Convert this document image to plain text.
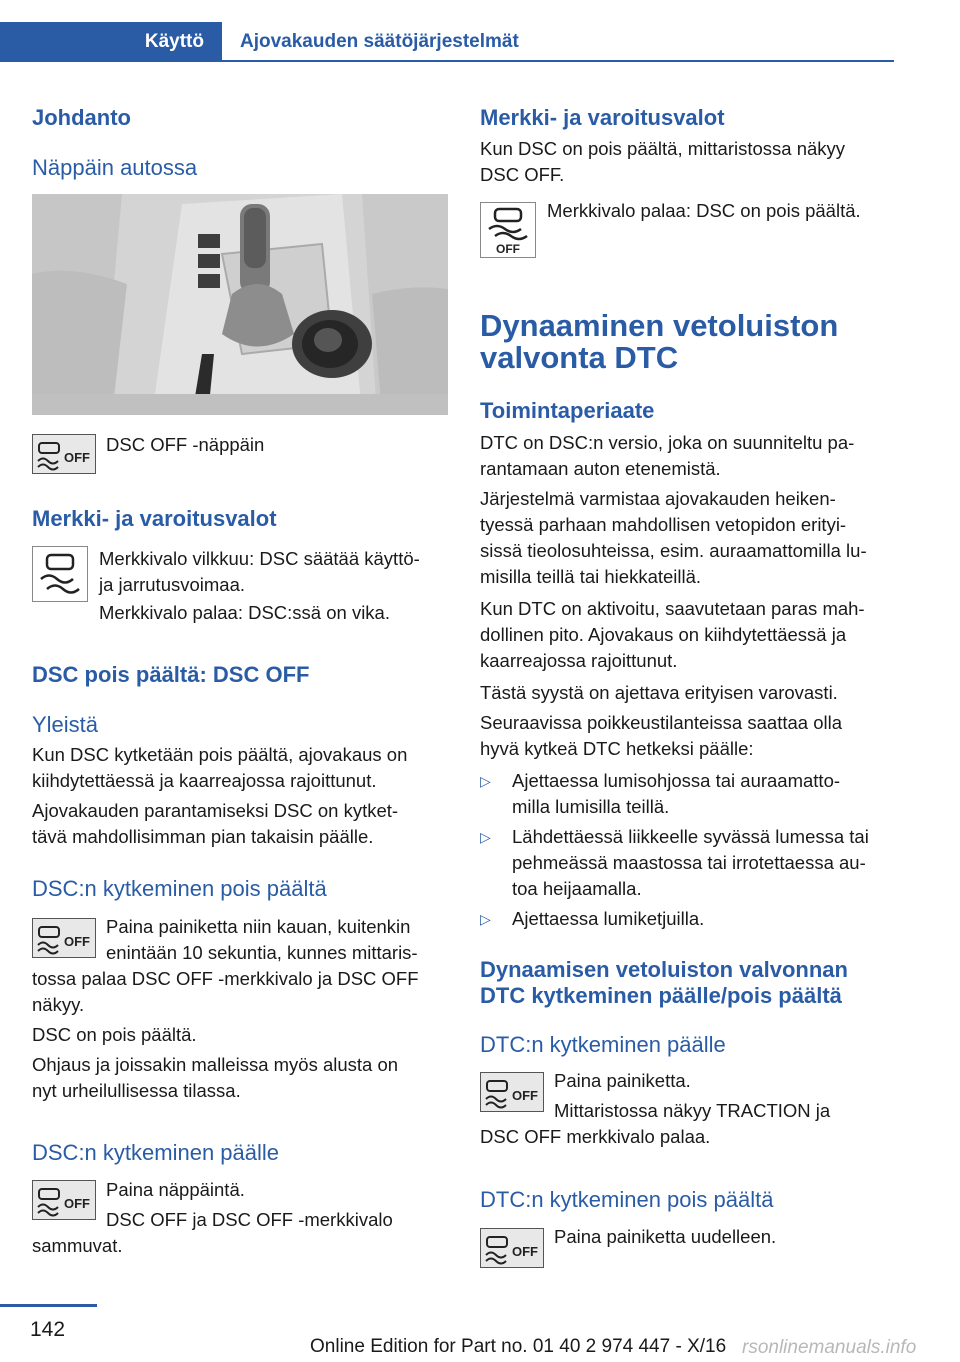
Käyttö	Ajovakauden säätöjärjestelmät
Johdanto
Näppäin autossa
OFF

DSC OFF -näppäin

Merkki- ja varoitusvalot

Merkkivalo vilkkuu: DSC säätää käyttö-

ja jarrutusvoimaa.

Merkkivalo palaa: DSC:ssä on vika.

DSC pois päältä: DSC OFF
Yleistä

Kun DSC kytketään pois päältä, ajovakaus on

kiihdytettäessä ja kaarreajossa rajoittunut.

Ajovakauden parantamiseksi DSC on kytket-

tävä mahdollisimman pian takaisin päälle.

DSC:n kytkeminen pois päältä
OFF

Paina painiketta niin kauan, kuitenkin

enintään 10 sekuntia, kunnes mittaris-

tossa palaa DSC OFF -merkkivalo ja DSC OFF

näkyy.

DSC on pois päältä.

Ohjaus ja joissakin malleissa myös alusta on

nyt urheilullisessa tilassa.

DSC:n kytkeminen päälle
OFF

Paina näppäintä.

DSC OFF ja DSC OFF -merkkivalo

sammuvat.

Merkki- ja varoitusvalot

Kun DSC on pois päältä, mittaristossa näkyy

DSC OFF.

OFF

Merkkivalo palaa: DSC on pois päältä.

Dynaaminen vetoluiston
valvonta DTC
Toimintaperiaate

DTC on DSC:n versio, joka on suunniteltu pa-

rantamaan auton etenemistä.

Järjestelmä varmistaa ajovakauden heiken-

tyessä parhaan mahdollisen vetopidon erityi-

sissä tieolosuhteissa, esim. auraamattomilla lu-

misilla teillä tai hiekkateillä.

Kun DTC on aktivoitu, saavutetaan paras mah-

dollinen pito. Ajovakaus on kiihdytettäessä ja

kaarreajossa rajoittunut.

Tästä syystä on ajettava erityisen varovasti.

Seuraavissa poikkeustilanteissa saattaa olla

hyvä kytkeä DTC hetkeksi päälle:

▷ Ajettaessa lumisohjossa tai auraamatto-
milla lumisilla teillä.
▷ Lähdettäessä liikkeelle syvässä lumessa tai
pehmeässä maastossa tai irrotettaessa au-
toa heijaamalla.
▷ Ajettaessa lumiketjuilla.
Dynaamisen vetoluiston valvonnan
DTC kytkeminen päälle/pois päältä
DTC:n kytkeminen päälle
OFF

Paina painiketta.

Mittaristossa näkyy TRACTION ja

DSC OFF merkkivalo palaa.

DTC:n kytkeminen pois päältä
OFF

Paina painiketta uudelleen.

142
Online Edition for Part no. 01 40 2 974 447 - X/16 rsonlinemanuals.info
